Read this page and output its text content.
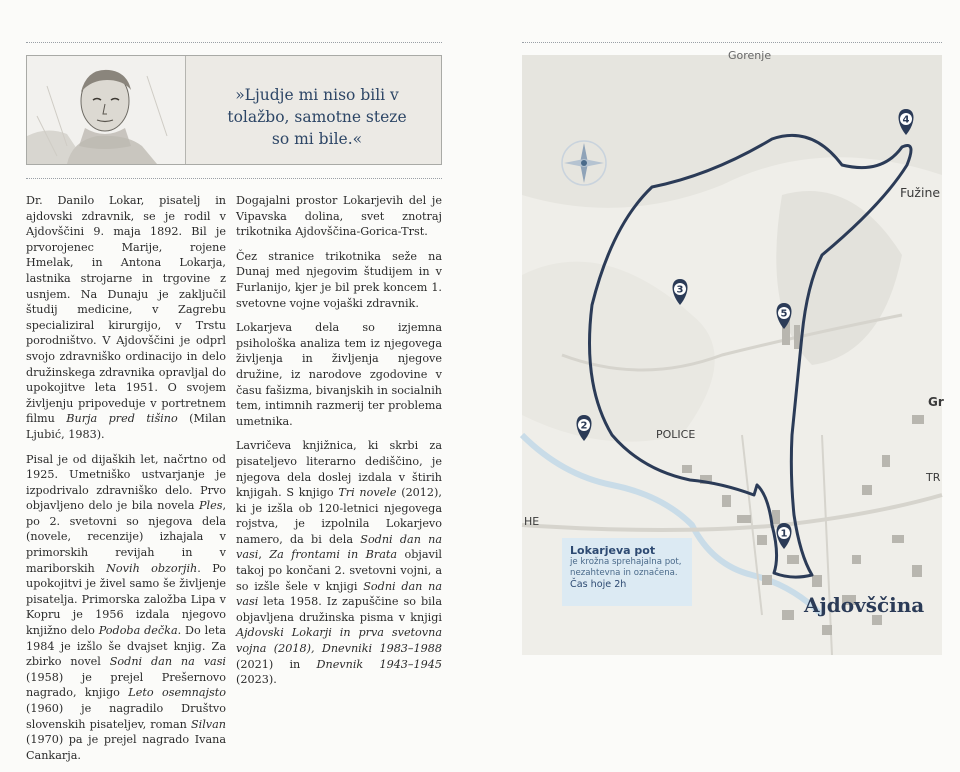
»Ljudje mi niso bili v
tolažbo, samotne steze
so mi bile.«

Dr. Danilo Lokar, pisatelj in ajdovski zdravnik, se je rodil v Ajdovščini 9. maja 1892. Bil je prvorojenec Marije, rojene Hmelak, in Antona Lokarja, lastnika strojarne in trgovine z usnjem. Na Dunaju je zaključil študij medicine, v Zagrebu specializiral kirurgijo, v Trstu porodništvo. V Ajdovščini je odprl svojo zdravniško ordinacijo in delo družinskega zdravnika opravljal do upokojitve leta 1951. O svojem življenju pripoveduje v portretnem filmu Burja pred tišino (Milan Ljubić, 1983).

Pisal je od dijaških let, načrtno od 1925. Umetniško ustvarjanje je izpodrivalo zdravniško delo. Prvo objavljeno delo je bila novela Ples, po 2. svetovni so njegova dela (novele, recenzije) izhajala v primorskih revijah in v mariborskih Novih obzorjih. Po upokojitvi je živel samo še življenje pisatelja. Primorska založba Lipa v Kopru je 1956 izdala njegovo knjižno delo Podoba dečka. Do leta 1984 je izšlo še dvajset knjig. Za zbirko novel Sodni dan na vasi (1958) je prejel Prešernovo nagrado, knjigo Leto osemnajsto (1960) je nagradilo Društvo slovenskih pisateljev, roman Silvan (1970) pa je prejel nagrado Ivana Cankarja.

Dogajalni prostor Lokarjevih del je Vipavska dolina, svet znotraj trikotnika Ajdovščina-Gorica-Trst.

Čez stranice trikotnika seže na Dunaj med njegovim študijem in v Furlanijo, kjer je bil prek koncem 1. svetovne vojne vojaški zdravnik.

Lokarjeva dela so izjemna psihološka analiza tem iz njegovega življenja in življenja njegove družine, iz narodove zgodovine v času fašizma, bivanjskih in socialnih tem, intimnih razmerij ter problema umetnika.

Lavričeva knjižnica, ki skrbi za pisateljevo literarno dediščino, je njegova dela doslej izdala v štirih knjigah. S knjigo Tri novele (2012), ki je izšla ob 120-letnici njegovega rojstva, je izpolnila Lokarjevo namero, da bi dela Sodni dan na vasi, Za frontami in Brata objavil takoj po končani 2. svetovni vojni, a so izšle šele v knjigi Sodni dan na vasi leta 1958. Iz zapuščine so bila objavljena družinska pisma v knjigi Ajdovski Lokarji in prva svetovna vojna (2018), Dnevniki 1983–1988 (2021) in Dnevnik 1943–1945 (2023).

1
2
3
4
5
Gorenje
Fužine
POLICE
HE
Gr
TR
Lokarjeva pot
je krožna sprehajalna pot,
nezahtevna in označena.
Čas hoje 2h
Ajdovščina
